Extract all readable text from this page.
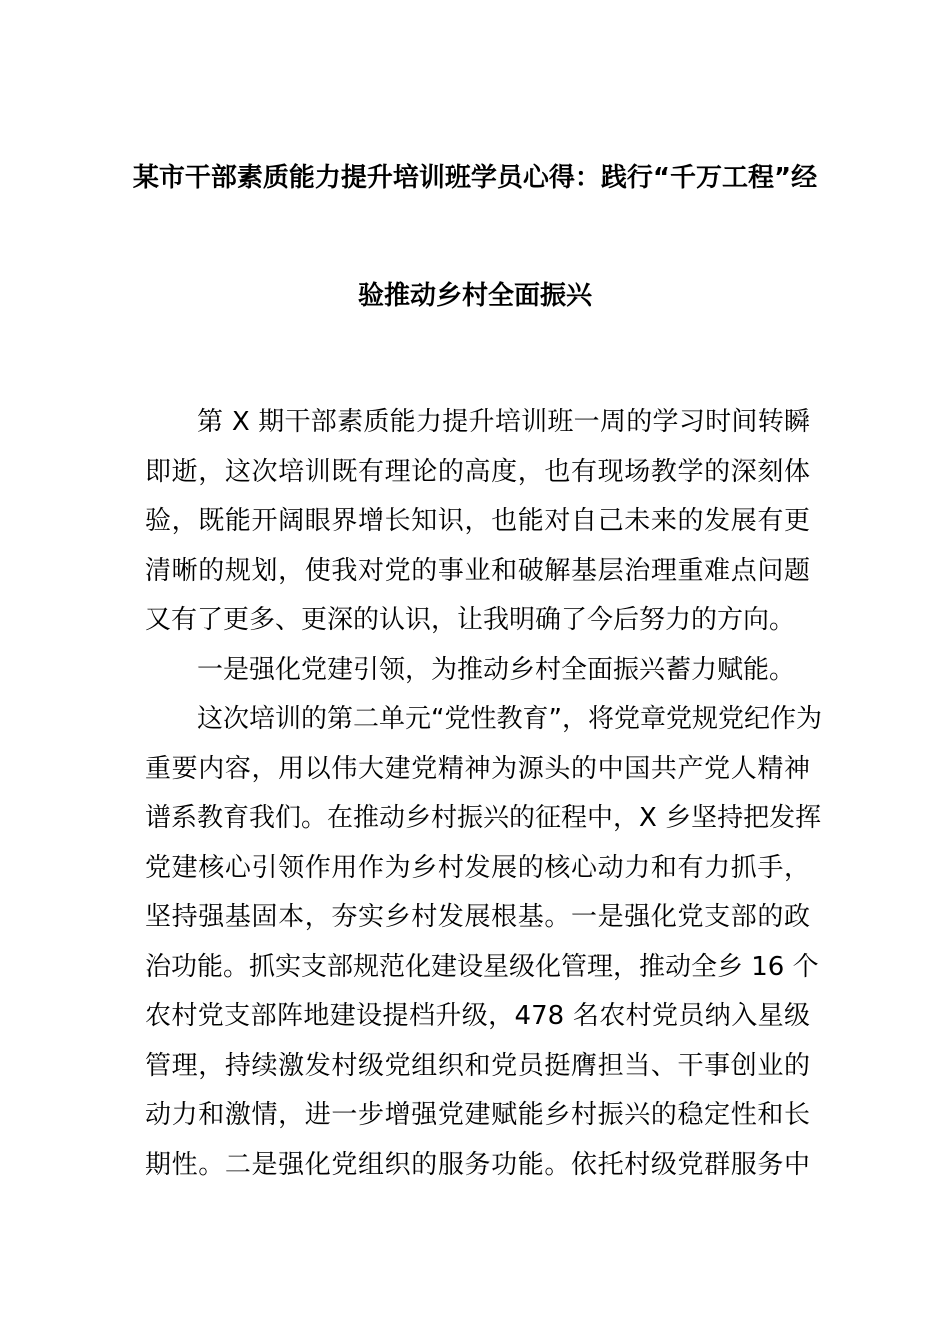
某市干部素质能力提升培训班学员心得：践行“千万工程”经
验推动乡村全面振兴
第 X 期干部素质能力提升培训班一周的学习时间转瞬
即逝，这次培训既有理论的高度，也有现场教学的深刻体
验，既能开阔眼界增长知识，也能对自己未来的发展有更
清晰的规划，使我对党的事业和破解基层治理重难点问题
又有了更多、更深的认识，让我明确了今后努力的方向。
一是强化党建引领，为推动乡村全面振兴蓄力赋能。
这次培训的第二单元“党性教育”，将党章党规党纪作为
重要内容，用以伟大建党精神为源头的中国共产党人精神
谱系教育我们。在推动乡村振兴的征程中，X 乡坚持把发挥
党建核心引领作用作为乡村发展的核心动力和有力抓手，
坚持强基固本，夯实乡村发展根基。一是强化党支部的政
治功能。抓实支部规范化建设星级化管理，推动全乡 16 个
农村党支部阵地建设提档升级，478 名农村党员纳入星级
管理，持续激发村级党组织和党员挺膺担当、干事创业的
动力和激情，进一步增强党建赋能乡村振兴的稳定性和长
期性。二是强化党组织的服务功能。依托村级党群服务中
